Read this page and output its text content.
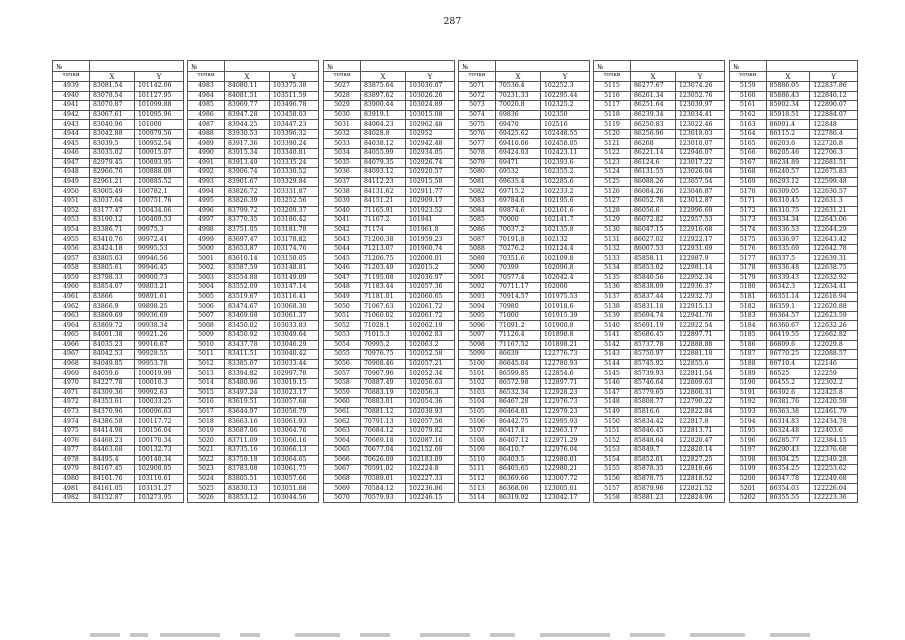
287
№		
точки	X	Y
4939	83081.54	101142.06
4940	83078.54	101127.95
4941	83070.87	101099.88
4942	83067.61	101095.96
4943	83040.96	101000
4944	83042.88	100979.56
4945	83039.5	100952.54
4946	83035.02	100915.07
4947	82979.45	100893.95
4948	82966.76	100888.09
4949	82961.21	100885.52
4950	83005.49	100782.1
4951	83037.64	100751.76
4952	83177.47	100434.06
4953	83190.12	100409.53
4954	83386.71	99975.3
4955	83410.76	99972.41
4956	83424.18	99995.53
4957	83805.63	99946.56
4958	83805.61	99946.45
4959	83798.33	99900.73
4960	83854.07	99803.21
4961	83866	99891.61
4962	83866.9	99898.25
4963	83869.69	99936.69
4964	83869.72	99938.34
4965	84001.38	99921.26
4966	84035.23	99916.67
4967	84042.53	99928.55
4968	84049.85	99953.78
4969	84059.6	100019.99
4970	84227.78	100010.3
4971	84309.36	99992.63
4972	84353.61	100033.25
4973	84370.96	100096.63
4974	84386.58	100117.72
4975	84414.98	100156.04
4976	84468.23	100170.34
4977	84463.68	100132.73
4978	84495.4	100140.34
4979	84167.45	102908.05
4980	84161.76	103110.61
4981	84161.05	103151.27
4982	84152.87	103273.95
№		
точки	X	Y
4983	84080.11	103375.38
4984	84081.51	103511.59
4985	83969.77	103496.78
4986	83947.28	103458.03
4987	83944.25	103447.23
4988	83930.53	103396.32
4989	83917.36	103390.24
4990	83915.34	103340.81
4991	83913.49	103335.24
4992	83906.74	103330.52
4993	83901.67	103329.84
4994	83826.72	103331.87
4995	83826.39	103252.56
4996	83799.72	103209.37
4997	83770.35	103186.42
4998	83751.05	103181.78
4999	83697.47	103178.82
5000	83653.87	103174.76
5001	83610.14	103150.05
5002	83587.59	103148.81
5003	83554.88	103149.09
5004	83552.09	103147.14
5005	83519.67	103116.41
5006	83474.67	103068.30
5007	83469.08	103061.37
5008	83450.02	103033.83
5009	83450.92	103049.64
5010	83437.78	103046.29
5011	83411.51	103040.42
5012	83385.07	103033.44
5013	83394.82	102997.78
5014	83480.96	103019.15
5015	83497.24	103023.17
5016	83619.51	103057.68
5017	83644.97	103058.79
5018	83663.16	103061.93
5019	83687.06	103064.76
5020	83711.09	103066.16
5021	83735.16	103066.13
5022	83759.18	103064.65
5023	83783.08	103061.75
5024	83805.51	103057.66
5025	83830.13	103051.68
5026	83853.12	103044.56
№		
точки	X	Y
5027	83875.64	103036.07
5028	83897.62	103026.26
5029	83900.44	103024.89
5030	83919.1	103015.08
5031	84004.23	102962.48
5032	84028.8	102952
5033	84038.12	102942.48
5034	84055.99	102934.05
5035	84079.35	102926.74
5036	84093.12	102920.57
5037	84112.23	102915.58
5038	84131.62	102911.77
5039	84151.21	102909.17
5040	71165.91	101923.52
5041	71167.2	101941
5042	71174	101961.8
5043	71200.38	101959.23
5044	71213.07	101960.74
5045	71206.75	102000.01
5046	71203.49	102015.2
5047	71195.08	102036.97
5048	71183.44	102057.36
5049	71181.01	102060.65
5050	71067.63	102061.72
5051	71060.02	102061.72
5052	71028.1	102062.19
5053	71015.3	102062.83
5054	70995.2	102063.2
5055	70976.75	102052.58
5056	70908.46	102057.21
5057	70907.96	102052.34
5058	70887.49	102056.63
5059	70883.19	102056.3
5060	70883.01	102054.36
5061	70881.12	102038.93
5062	70791.13	102057.56
5063	70684.12	102079.82
5064	70669.18	102087.16
5065	70677.04	102152.69
5066	70626.09	102183.09
5067	70591.02	102224.8
5068	70589.01	102227.33
5069	70584.12	102236.86
5070	70579.93	102246.15
№		
точки	X	Y
5071	70536.4	102252.3
5072	70231.33	102295.44
5073	70020.8	102325.2
5074	69836	102350
5075	69470	102516
5076	69425.62	102448.55
5077	69410.06	102458.05
5078	69424.03	102423.11
5079	69471	102393.6
5080	69532	102355.2
5081	69635.4	102285.6
5082	69715.2	102233.2
5083	69784.6	102195.6
5084	69874.6	102161.6
5085	70000	102141.7
5086	70037.2	102135.8
5087	70191.8	102132
5088	70276.2	102124.4
5089	70351.6	102109.8
5090	70399	102096.8
5091	70577.4	102042.4
5092	70711.17	102000
5093	70914.57	101975.53
5094	70980	101918.6
5095	71000	101915.39
5096	71091.2	101900.8
5097	71126.4	101898.8
5098	71167.52	101898.21
5099	86639	122776.73
5100	86645.04	122780.93
5101	86599.85	122854.6
5102	86572.98	122897.71
5103	86532.34	122928.23
5104	86467.28	122976.73
5105	86464.81	122979.23
5106	86442.75	122995.93
5107	86417.8	122963.17
5108	86407.12	122971.29
5109	86410.7	122976.04
5110	86403.5	122980.01
5111	86405.65	122980.21
5112	86369.66	123007.72
5113	86368.06	123005.61
5114	86319.92	123042.17
№		
точки	X	Y
5115	86277.67	123074.26
5116	86261.34	123052.76
5117	86251.64	123039.97
5118	86239.34	123034.41
5119	86250.83	123022.46
5120	86256.96	123018.03
5121	86268	123010.07
5122	86221.14	122946.07
5123	86124.6	123017.22
5124	86131.55	123026.04
5125	86088.26	123057.54
5126	86084.26	123046.87
5127	86052.78	123012.87
5128	86056.6	122996.69
5129	86072.82	122957.53
5130	86047.15	122916.68
5131	86027.02	122922.17
5132	86007.53	122931.69
5133	85858.11	122987.9
5134	85853.02	122981.14
5135	85840.56	122952.34
5136	85838.09	122936.37
5137	85837.44	122932.73
5138	85831.18	122915.13
5139	85694.74	122941.76
5140	85691.19	122922.54
5141	85686.45	122897.71
5142	85737.78	122888.88
5143	85750.97	122881.18
5144	85745.92	122855.6
5145	85739.93	122811.54
5146	85746.64	122809.63
5147	85779.65	122800.31
5148	85808.77	122790.22
5149	85816.6	122822.84
5150	85834.42	122817.8
5151	85846.45	122813.71
5152	85848.64	122820.47
5153	85849.7	122820.14
5154	85852.01	122827.25
5155	85878.35	122818.66
5156	85878.75	122818.52
5157	85879.96	122821.52
5158	85881.23	122824.96
№		
точки	X	Y
5159	85886.05	122837.86
5160	85886.43	122840.12
5161	85902.34	122890.07
5162	85918.51	122884.07
5163	86001.4	122848
5164	86115.2	122786.4
5165	86203.6	122720.8
5166	86205.46	122706.3
5167	86234.89	122681.51
5168	86240.57	122675.83
5169	86293.12	122599.48
5170	86309.05	122630.57
5171	86310.45	122631.3
5172	86310.75	122631.21
5173	86334.34	122643.06
5174	86336.53	122644.29
5175	86336.97	122643.42
5176	86335.69	122642.78
5177	86337.5	122639.31
5178	86336.48	122638.75
5179	86339.43	122632.92
5180	86342.3	122634.41
5181	86351.14	122616.94
5182	86359.1	122620.88
5183	86364.57	122623.59
5184	86360.67	122632.26
5185	86419.55	122662.82
5186	86809.6	122029.8
5187	86770.25	122088.57
5188	86710.4	122146
5189	86525	122259
5190	86455.2	122302.2
5191	86392.6	122425.8
5192	86381.76	122420.59
5193	86363.38	122461.79
5194	86314.83	122434.78
5195	86324.48	122403.6
5196	86285.77	122384.15
5197	86290.43	122376.68
5198	86304.25	122349.28
5199	86354.25	122253.62
5200	86347.78	122249.68
5201	86354.03	122226.04
5202	86355.55	122223.36
